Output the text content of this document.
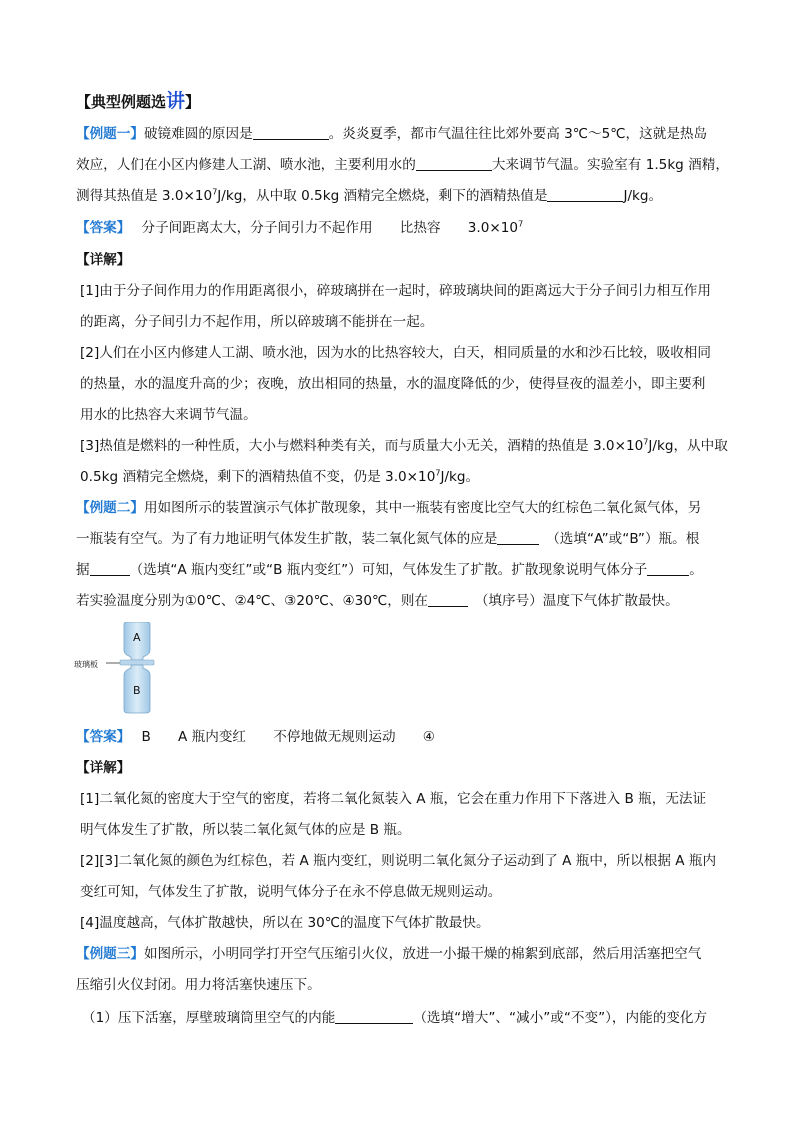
【典型例题选讲】
【例题一】破镜难圆的原因是	。炎炎夏季，都市气温往往比郊外要高 3℃～5℃，这就是热岛
效应，人们在小区内修建人工湖、喷水池，主要利用水的	大来调节气温。实验室有 1.5kg 酒精，
测得其热值是 $3.0\times 10^7J/kg$，从中取 0.5kg 酒精完全燃烧，剩下的酒精热值是	J/kg。
【答案】　 分子间距离太大，分子间引力不起作用　　比热容　　$3.0\times 10^7$
【详解】
[1]由于分子间作用力的作用距离很小，碎玻璃拼在一起时，碎玻璃块间的距离远大于分子间引力相互作用
的距离，分子间引力不起作用，所以碎玻璃不能拼在一起。
[2]人们在小区内修建人工湖、喷水池，因为水的比热容较大，白天，相同质量的水和沙石比较，吸收相同
的热量，水的温度升高的少；夜晚，放出相同的热量，水的温度降低的少，使得昼夜的温差小，即主要利
用水的比热容大来调节气温。
[3]热值是燃料的一种性质，大小与燃料种类有关，而与质量大小无关，酒精的热值是 $3.0\times 10^7J/kg$，从中取
0.5kg 酒精完全燃烧，剩下的酒精热值不变，仍是 $3.0\times 10^7J/kg$。
【例题二】用如图所示的装置演示气体扩散现象，其中一瓶装有密度比空气大的红棕色二氧化氮气体，另
一瓶装有空气。为了有力地证明气体发生扩散，装二氧化氮气体的应是　	（选填“A”或“B”）瓶。根
据	（选填“A 瓶内变红”或“B 瓶内变红”）可知，气体发生了扩散。扩散现象说明气体分子	。
若实验温度分别为①0℃、②4℃、③20℃、④30℃，则在　	（填序号）温度下气体扩散最快。
玻璃板
A
B
【答案】　 B　　A 瓶内变红　　不停地做无规则运动　　④
【详解】
[1]二氧化氮的密度大于空气的密度，若将二氧化氮装入 A 瓶，它会在重力作用下下落进入 B 瓶，无法证
明气体发生了扩散，所以装二氧化氮气体的应是 B 瓶。
[2][3]二氧化氮的颜色为红棕色，若 A 瓶内变红，则说明二氧化氮分子运动到了 A 瓶中，所以根据 A 瓶内
变红可知，气体发生了扩散，说明气体分子在永不停息做无规则运动。
[4]温度越高，气体扩散越快，所以在 30℃的温度下气体扩散最快。
【例题三】如图所示，小明同学打开空气压缩引火仪，放进一小撮干燥的棉絮到底部，然后用活塞把空气
压缩引火仪封闭。用力将活塞快速压下。
（1）压下活塞，厚壁玻璃筒里空气的内能	（选填“增大”、“减小”或“不变”），内能的变化方
